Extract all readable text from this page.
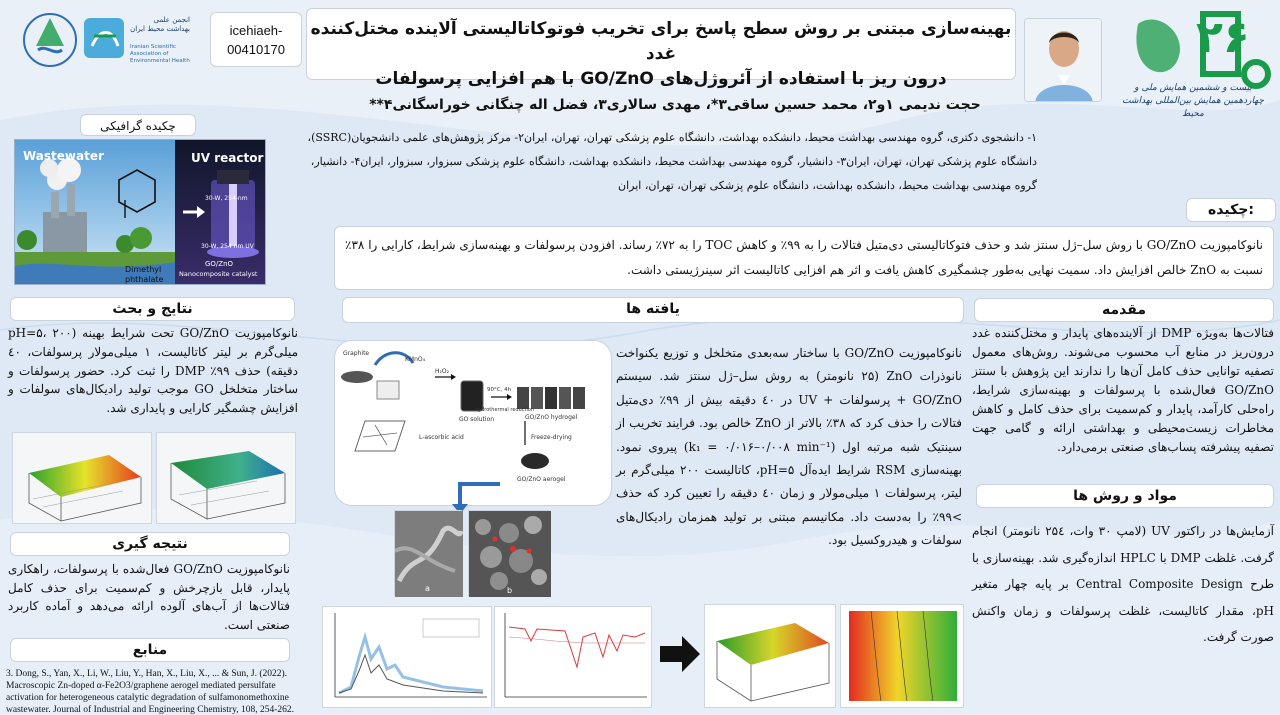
انجمن علمی بهداشت محیط ایران
Iranian Scientific Association of Environmental Health
icehiaeh-
00410170
بهینه‌سازی مبتنی بر روش سطح پاسخ برای تخریب فوتوکاتالیستی آلاینده مختل‌کننده غدد
درون ریز با استفاده از آئروژل‌های GO/ZnO با هم افزایی پرسولفات
۲۶
بیست و ششمین همایش ملی و چهاردهمین همایش بین‌المللی بهداشت محیط
حجت ندیمی ۱و۲، محمد حسین ساقی۳*، مهدی سالاری۳، فضل اله چنگانی خوراسگانی۴**
۱- دانشجوی دکتری، گروه مهندسی بهداشت محیط، دانشکده بهداشت، دانشگاه علوم پزشکی تهران، تهران، ایران۲- مرکز پژوهش‌های علمی دانشجویان(SSRC)، دانشگاه علوم پزشکی تهران، تهران، ایران۳- دانشیار، گروه مهندسی بهداشت محیط، دانشکده بهداشت، دانشگاه علوم پزشکی سبزوار، سبزوار، ایران۴- دانشیار، گروه مهندسی بهداشت محیط، دانشکده بهداشت، دانشگاه علوم پزشکی تهران، تهران، ایران
چکیده گرافیکی
Wastewater	UV reactor
30-W, 254-nm
30-W, 254 nm UV
Dimethyl
phthalate
GO/ZnO
Nanocomposite catalyst
چکیده:
نانوکامپوزیت GO/ZnO با روش سل–ژل سنتز شد و حذف فتوکاتالیستی دی‌متیل فتالات را به ۹۹٪ و کاهش TOC را به ۷۲٪ رساند. افزودن پرسولفات و بهینه‌سازی شرایط، کارایی را ۳۸٪ نسبت به ZnO خالص افزایش داد. سمیت نهایی به‌طور چشمگیری کاهش یافت و اثر هم افزایی کاتالیست اثر سینرژیستی داشت.
نتایج و بحث
نانوکامپوزیت GO/ZnO تحت شرایط بهینه (pH=۵، ۲۰۰ میلی‌گرم بر لیتر کاتالیست، ۱ میلی‌مولار پرسولفات، ٤۰ دقیقه) حذف ۹۹٪ DMP را ثبت کرد. حضور پرسولفات و ساختار متخلخل GO موجب تولید رادیکال‌های سولفات و افزایش چشمگیر کارایی و پایداری شد.
نتیجه گیری
نانوکامپوزیت GO/ZnO فعال‌شده با پرسولفات، راهکاری پایدار، قابل بازچرخش و کم‌سمیت برای حذف کامل فتالات‌ها از آب‌های آلوده ارائه می‌دهد و آماده کاربرد صنعتی است.
منابع
3. Dong, S., Yan, X., Li, W., Liu, Y., Han, X., Liu, X., ... & Sun, J. (2022). Macroscopic Zn-doped α-Fe2O3/graphene aerogel mediated persulfate activation for heterogeneous catalytic degradation of sulfamonomethoxine wastewater. Journal of Industrial and Engineering Chemistry, 108, 254-262.
یافته ها
Graphite
KMnO₄
H₂O₂
GO solution
90°C, 4h
hydrothermal reduction
GO/ZnO hydrogel
L-ascorbic acid	Freeze-drying
GO/ZnO aerogel
a	b
نانوکامپوزیت GO/ZnO با ساختار سه‌بعدی متخلخل و توزیع یکنواخت نانوذرات ZnO (۲۵ نانومتر) به روش سل–ژل سنتز شد. سیستم GO/ZnO + پرسولفات + UV در ٤۰ دقیقه بیش از ۹۹٪ دی‌متیل فتالات را حذف کرد که ۳۸٪ بالاتر از ZnO خالص بود. فرایند تخریب از سینتیک شبه مرتبه اول (k₁ = ۰/۰۱۶–۰/۰۰۸ min⁻¹) پیروی نمود. بهینه‌سازی RSM شرایط ایده‌آل pH=۵، کاتالیست ۲۰۰ میلی‌گرم بر لیتر، پرسولفات ۱ میلی‌مولار و زمان ٤۰ دقیقه را تعیین کرد که حذف >۹۹٪ را به‌دست داد. مکانیسم مبتنی بر تولید همزمان رادیکال‌های سولفات و هیدروکسیل بود.
مقدمه
فتالات‌ها به‌ویژه DMP از آلاینده‌های پایدار و مختل‌کننده غدد درون‌ریز در منابع آب محسوب می‌شوند. روش‌های معمول تصفیه توانایی حذف کامل آن‌ها را ندارند این پژوهش با سنتز GO/ZnO فعال‌شده با پرسولفات و بهینه‌سازی شرایط، راه‌حلی کارآمد، پایدار و کم‌سمیت برای حذف کامل و کاهش مخاطرات زیست‌محیطی و بهداشتی ارائه و گامی جهت تصفیه پیشرفته پساب‌های صنعتی برمی‌دارد.
مواد و روش ها
آزمایش‌ها در راکتور UV (لامپ ۳۰ وات، ۲۵٤ نانومتر) انجام گرفت. غلظت DMP با HPLC اندازه‌گیری شد. بهینه‌سازی با طرح Central Composite Design بر پایه چهار متغیر pH، مقدار کاتالیست، غلظت پرسولفات و زمان واکنش صورت گرفت.
